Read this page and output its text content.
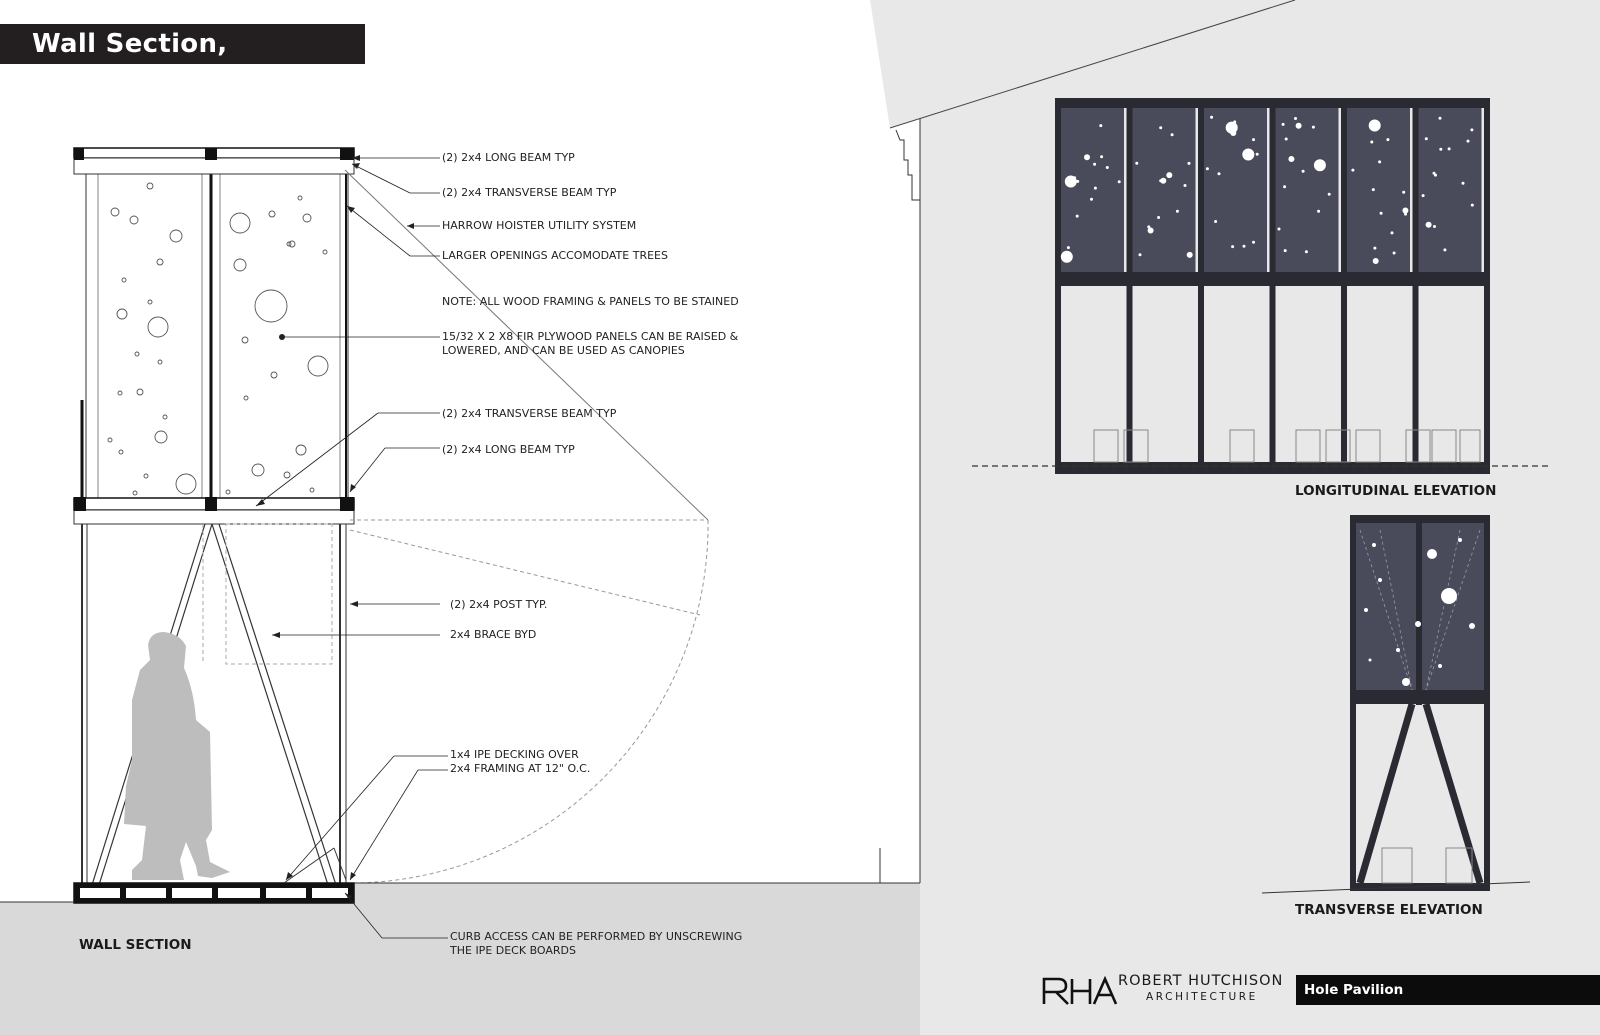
Wall Section, Elevations
WALL SECTION
LONGITUDINAL ELEVATION
TRANSVERSE ELEVATION
(2) 2x4 LONG BEAM TYP
(2) 2x4 TRANSVERSE BEAM TYP
HARROW HOISTER UTILITY SYSTEM
LARGER OPENINGS ACCOMODATE TREES
NOTE: ALL WOOD FRAMING & PANELS TO BE STAINED
15/32 X 2 X8 FIR PLYWOOD PANELS CAN BE RAISED &
LOWERED, AND CAN BE USED AS CANOPIES
(2) 2x4 TRANSVERSE BEAM TYP
(2) 2x4 LONG BEAM TYP
(2) 2x4 POST TYP.
2x4 BRACE BYD
1x4 IPE DECKING OVER
2x4 FRAMING AT 12" O.C.
CURB ACCESS CAN BE PERFORMED BY UNSCREWING
THE IPE DECK BOARDS
ROBERT HUTCHISON
ARCHITECTURE	Hole Pavilion
